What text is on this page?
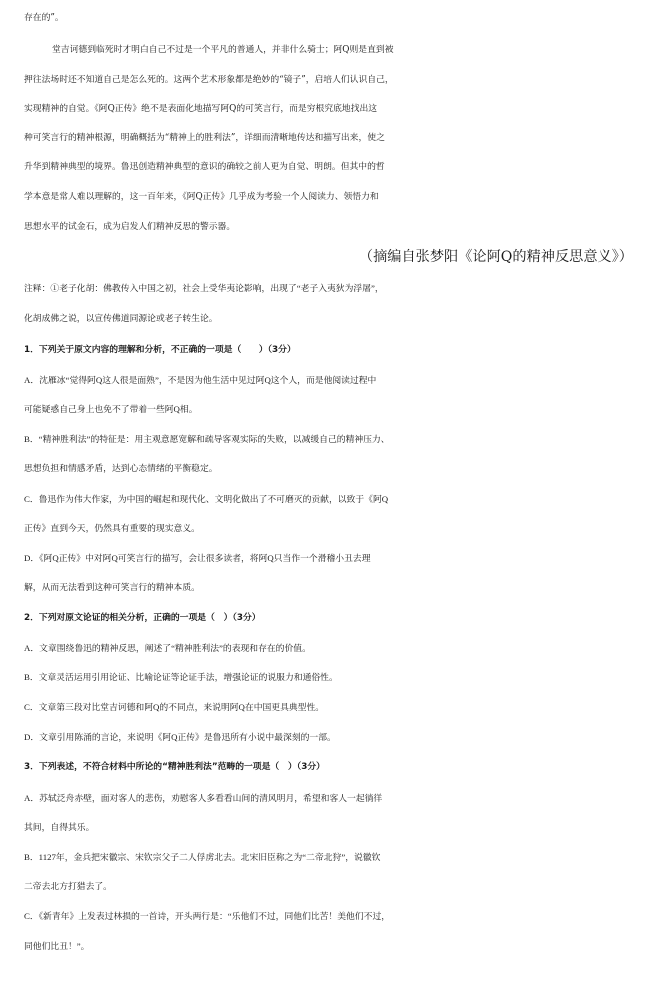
存在的”。
堂吉诃德到临死时才明白自己不过是一个平凡的普通人，并非什么骑士；阿Q则是直到被
押往法场时还不知道自己是怎么死的。这两个艺术形象都是绝妙的“镜子”，启培人们认识自己，
实现精神的自觉。《阿Q正传》绝不是表面化地描写阿Q的可笑言行，而是穷根究底地找出这
种可笑言行的精神根源，明确概括为“精神上的胜利法”，详细而清晰地传达和描写出来，使之
升华到精神典型的境界。鲁迅创造精神典型的意识的确较之前人更为自觉、明朗。但其中的哲
学本意是常人难以理解的，这一百年来，《阿Q正传》几乎成为考验一个人阅读力、领悟力和
思想水平的试金石，成为启发人们精神反思的警示器。
（摘编自张梦阳《论阿Q的精神反思意义》）
注释：①老子化胡：佛教传入中国之初，社会上受华夷论影响，出现了“老子入夷狄为浮屠”，
化胡成佛之说，以宣传佛道同源论或老子转生论。
1．下列关于原文内容的理解和分析，不正确的一项是（　　）（3分）
A．沈雁冰“觉得阿Q这人很是面熟”，不是因为他生活中见过阿Q这个人，而是他阅读过程中
可能疑惑自己身上也免不了带着一些阿Q相。
B．“精神胜利法”的特征是：用主观意愿宽解和疏导客观实际的失败，以减缓自己的精神压力、
思想负担和情感矛盾，达到心态情绪的平衡稳定。
C．鲁迅作为伟大作家，为中国的崛起和现代化、文明化做出了不可磨灭的贡献，以致于《阿Q
正传》直到今天，仍然具有重要的现实意义。
D．《阿Q正传》中对阿Q可笑言行的描写，会让很多读者，将阿Q只当作一个滑稽小丑去理
解，从而无法看到这种可笑言行的精神本质。
2．下列对原文论证的相关分析，正确的一项是（　）（3分）
A．文章围绕鲁迅的精神反思，阐述了“精神胜利法”的表现和存在的价值。
B．文章灵活运用引用论证、比喻论证等论证手法，增强论证的说服力和通俗性。
C．文章第三段对比堂吉诃德和阿Q的不同点，来说明阿Q在中国更具典型性。
D．文章引用陈涌的言论，来说明《阿Q正传》是鲁迅所有小说中最深刻的一部。
3．下列表述，不符合材料中所论的“精神胜利法”范畴的一项是（　）（3分）
A．苏轼泛舟赤壁，面对客人的悲伤，劝慰客人多看看山间的清风明月，希望和客人一起徜徉
其间，自得其乐。
B．1127年，金兵把宋徽宗、宋钦宗父子二人俘虏北去。北宋旧臣称之为“二帝北狩”，说徽钦
二帝去北方打猎去了。
C．《新青年》上发表过林损的一首诗，开头两行是：“乐他们不过，同他们比苦！美他们不过，
同他们比丑！”。
